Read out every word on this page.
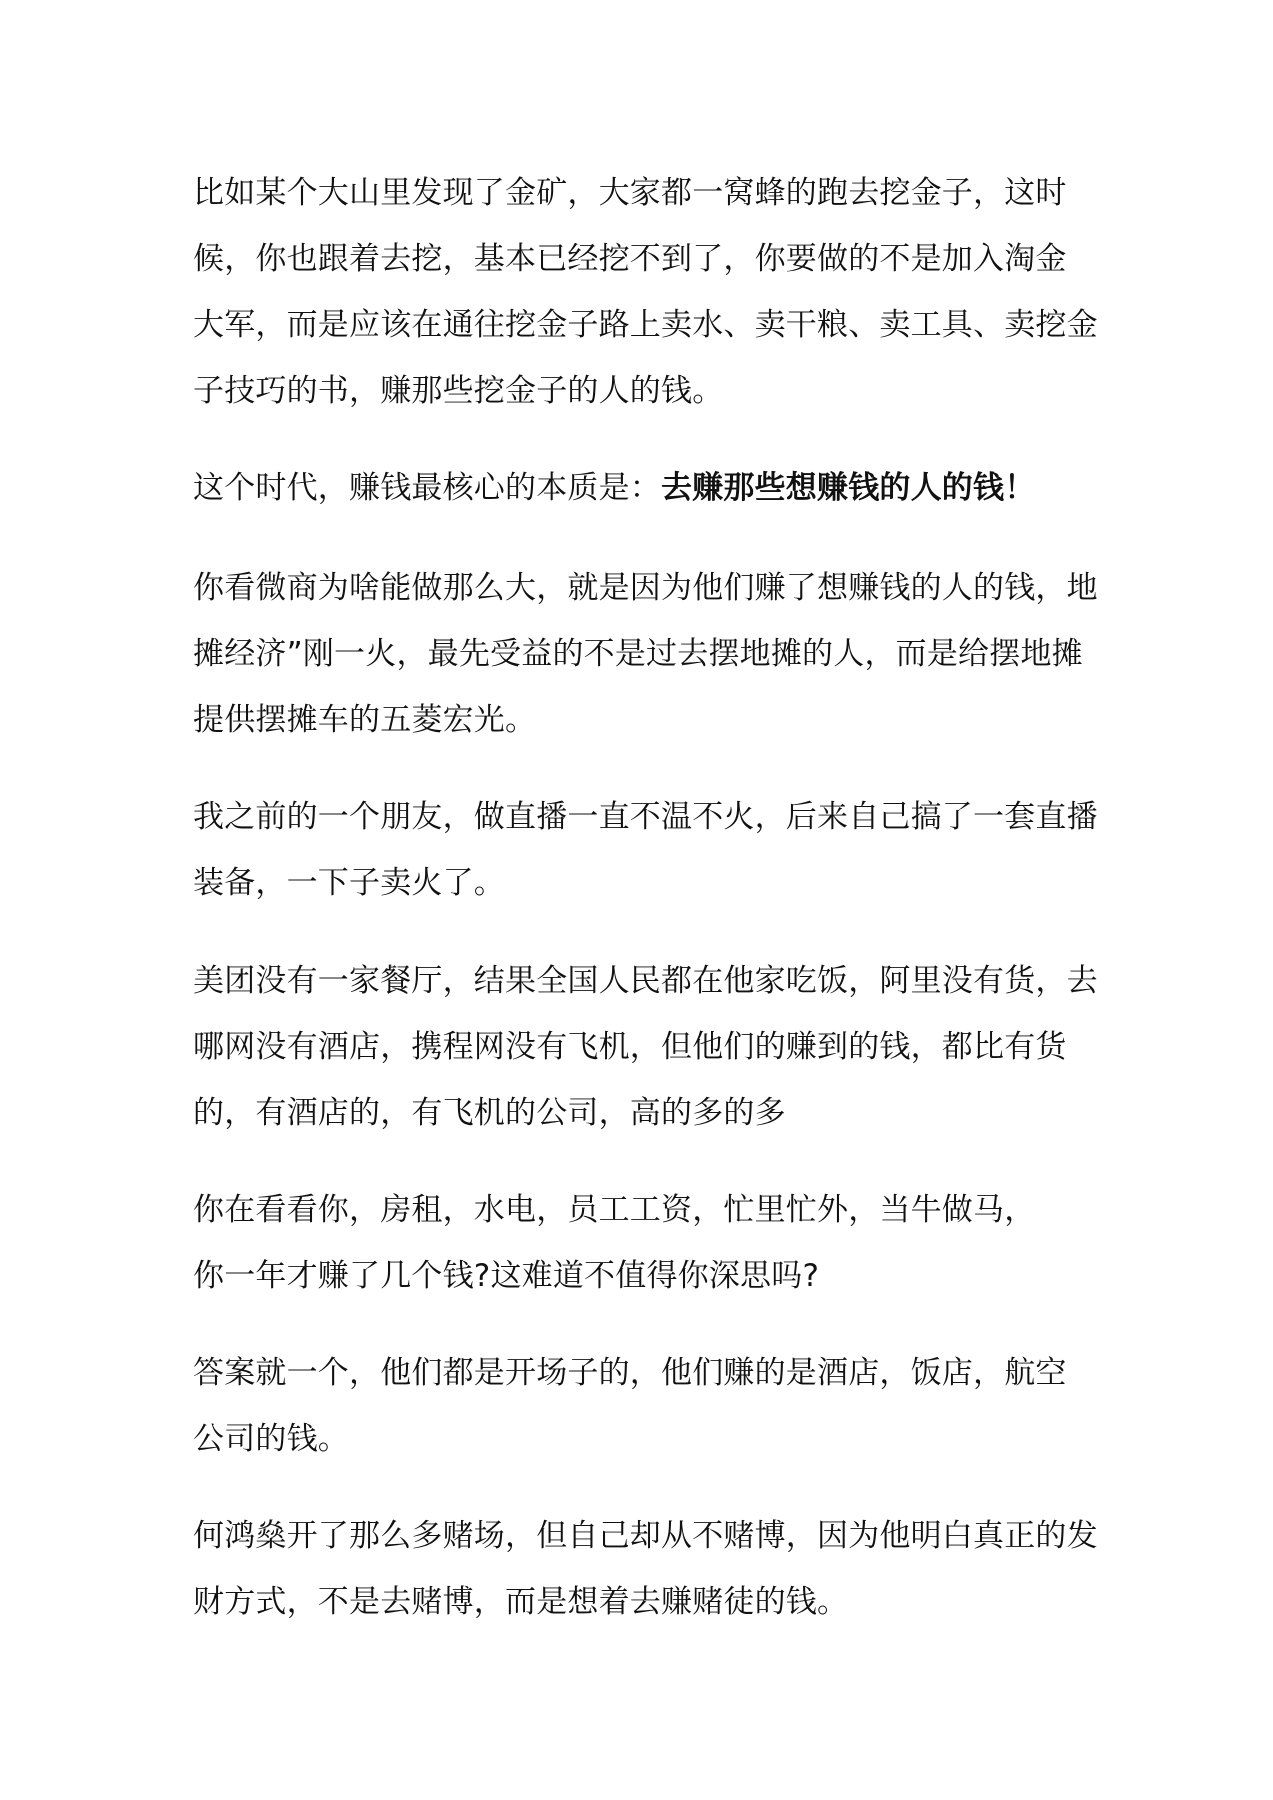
比如某个大山里发现了金矿，大家都一窝蜂的跑去挖金子，这时
候，你也跟着去挖，基本已经挖不到了，你要做的不是加入淘金
大军，而是应该在通往挖金子路上卖水、卖干粮、卖工具、卖挖金
子技巧的书，赚那些挖金子的人的钱。

这个时代，赚钱最核心的本质是：去赚那些想赚钱的人的钱！

你看微商为啥能做那么大，就是因为他们赚了想赚钱的人的钱，地
摊经济”刚一火，最先受益的不是过去摆地摊的人，而是给摆地摊
提供摆摊车的五菱宏光。

我之前的一个朋友，做直播一直不温不火，后来自己搞了一套直播
装备，一下子卖火了。

美团没有一家餐厅，结果全国人民都在他家吃饭，阿里没有货，去
哪网没有酒店，携程网没有飞机，但他们的赚到的钱，都比有货
的，有酒店的，有飞机的公司，高的多的多

你在看看你，房租，水电，员工工资，忙里忙外，当牛做马，
你一年才赚了几个钱?这难道不值得你深思吗?

答案就一个，他们都是开场子的，他们赚的是酒店，饭店，航空
公司的钱。

何鸿燊开了那么多赌场，但自己却从不赌博，因为他明白真正的发
财方式，不是去赌博，而是想着去赚赌徒的钱。
